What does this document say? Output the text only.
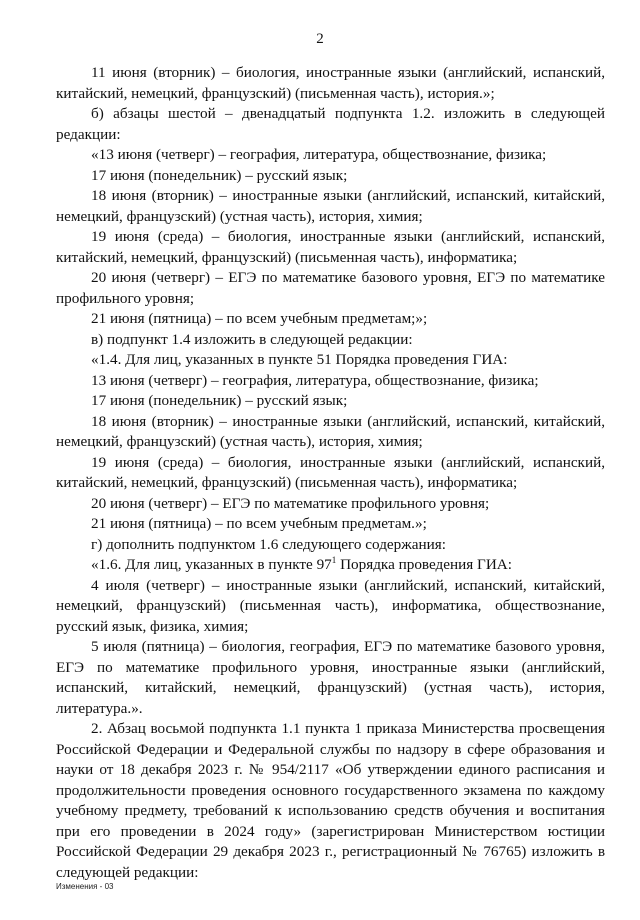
2

11 июня (вторник) – биология, иностранные языки (английский, испанский, китайский, немецкий, французский) (письменная часть), история.»;

б) абзацы шестой – двенадцатый подпункта 1.2. изложить в следующей редакции:

«13 июня (четверг) – география, литература, обществознание, физика;

17 июня (понедельник) – русский язык;

18 июня (вторник) – иностранные языки (английский, испанский, китайский, немецкий, французский) (устная часть), история, химия;

19 июня (среда) – биология, иностранные языки (английский, испанский, китайский, немецкий, французский) (письменная часть), информатика;

20 июня (четверг) – ЕГЭ по математике базового уровня, ЕГЭ по математике профильного уровня;

21 июня (пятница) – по всем учебным предметам;»;

в) подпункт 1.4 изложить в следующей редакции:

«1.4. Для лиц, указанных в пункте 51 Порядка проведения ГИА:

13 июня (четверг) – география, литература, обществознание, физика;

17 июня (понедельник) – русский язык;

18 июня (вторник) – иностранные языки (английский, испанский, китайский, немецкий, французский) (устная часть), история, химия;

19 июня (среда) – биология, иностранные языки (английский, испанский, китайский, немецкий, французский) (письменная часть), информатика;

20 июня (четверг) – ЕГЭ по математике профильного уровня;

21 июня (пятница) – по всем учебным предметам.»;

г) дополнить подпунктом 1.6 следующего содержания:

«1.6. Для лиц, указанных в пункте $97^1$ Порядка проведения ГИА:

4 июля (четверг) – иностранные языки (английский, испанский, китайский, немецкий, французский) (письменная часть), информатика, обществознание, русский язык, физика, химия;

5 июля (пятница) – биология, география, ЕГЭ по математике базового уровня, ЕГЭ по математике профильного уровня, иностранные языки (английский, испанский, китайский, немецкий, французский) (устная часть), история, литература.».

2. Абзац восьмой подпункта 1.1 пункта 1 приказа Министерства просвещения Российской Федерации и Федеральной службы по надзору в сфере образования и науки от 18 декабря 2023 г. № 954/2117 «Об утверждении единого расписания и продолжительности проведения основного государственного экзамена по каждому учебному предмету, требований к использованию средств обучения и воспитания при его проведении в 2024 году» (зарегистрирован Министерством юстиции Российской Федерации 29 декабря 2023 г., регистрационный № 76765) изложить в следующей редакции:

Изменения - 03
